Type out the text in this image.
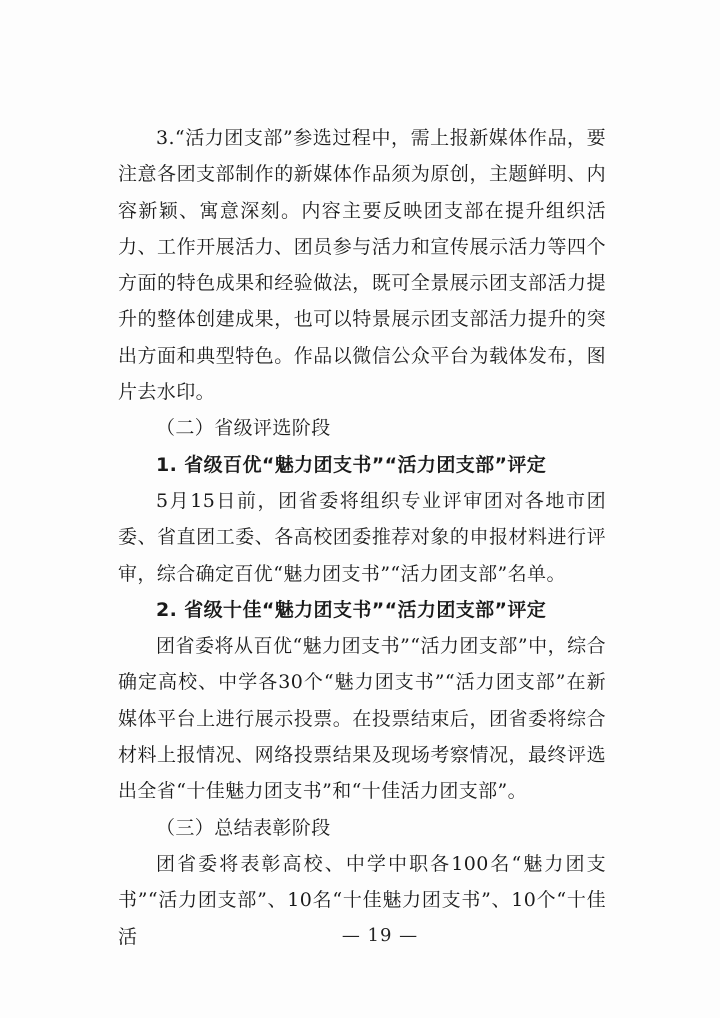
3.“活力团支部”参选过程中，需上报新媒体作品，要注意各团支部制作的新媒体作品须为原创，主题鲜明、内容新颖、寓意深刻。内容主要反映团支部在提升组织活力、工作开展活力、团员参与活力和宣传展示活力等四个方面的特色成果和经验做法，既可全景展示团支部活力提升的整体创建成果，也可以特景展示团支部活力提升的突出方面和典型特色。作品以微信公众平台为载体发布，图片去水印。

（二）省级评选阶段

1. 省级百优“魅力团支书”“活力团支部”评定

5月15日前，团省委将组织专业评审团对各地市团委、省直团工委、各高校团委推荐对象的申报材料进行评审，综合确定百优“魅力团支书”“活力团支部”名单。

2. 省级十佳“魅力团支书”“活力团支部”评定

团省委将从百优“魅力团支书”“活力团支部”中，综合确定高校、中学各30个“魅力团支书”“活力团支部”在新媒体平台上进行展示投票。在投票结束后，团省委将综合材料上报情况、网络投票结果及现场考察情况，最终评选出全省“十佳魅力团支书”和“十佳活力团支部”。

（三）总结表彰阶段

团省委将表彰高校、中学中职各100名“魅力团支书”“活力团支部”、10名“十佳魅力团支书”、10个“十佳活	— 19 —
